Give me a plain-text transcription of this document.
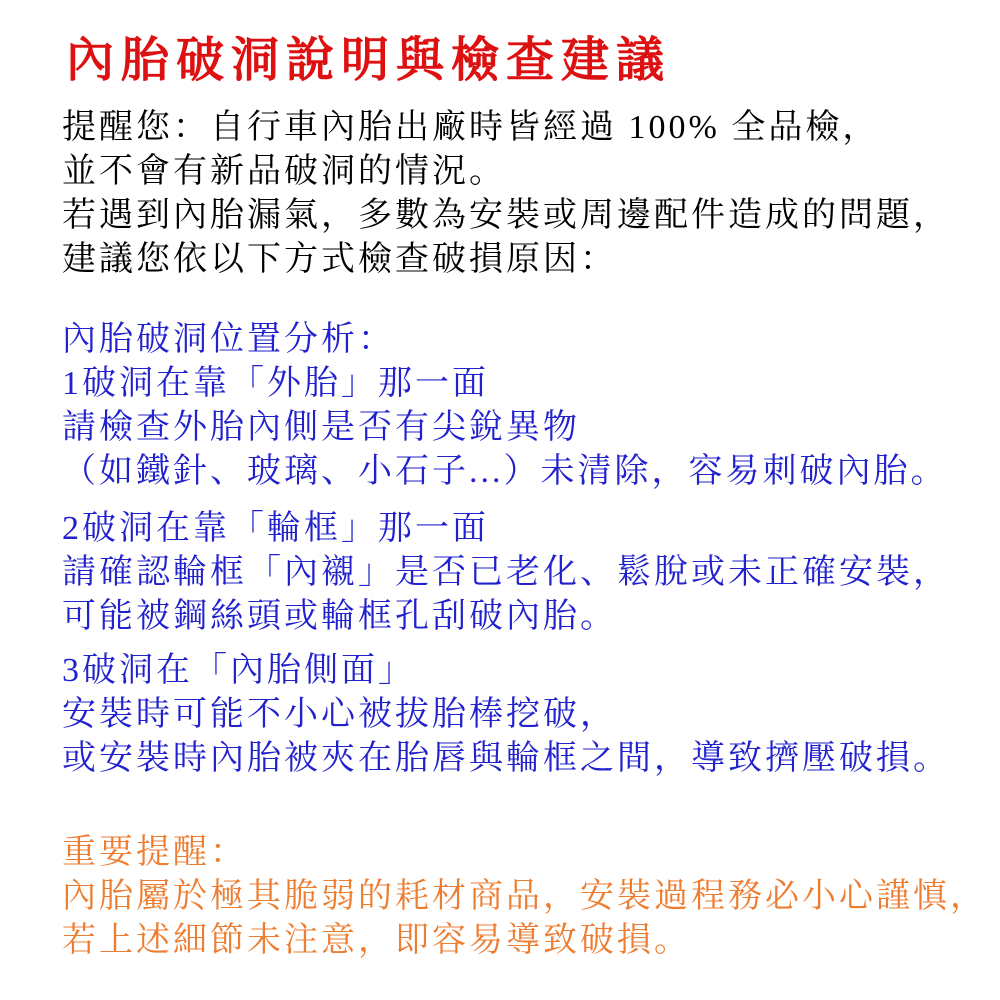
內胎破洞說明與檢查建議

提醒您：自行車內胎出廠時皆經過 100% 全品檢，
並不會有新品破洞的情況。
若遇到內胎漏氣，多數為安裝或周邊配件造成的問題，
建議您依以下方式檢查破損原因：

內胎破洞位置分析：
1破洞在靠「外胎」那一面
請檢查外胎內側是否有尖銳異物
（如鐵針、玻璃、小石子...）未清除，容易刺破內胎。

2破洞在靠「輪框」那一面
請確認輪框「內襯」是否已老化、鬆脫或未正確安裝，
可能被鋼絲頭或輪框孔刮破內胎。

3破洞在「內胎側面」
安裝時可能不小心被拔胎棒挖破，
或安裝時內胎被夾在胎唇與輪框之間，導致擠壓破損。

重要提醒：
內胎屬於極其脆弱的耗材商品，安裝過程務必小心謹慎，
若上述細節未注意，即容易導致破損。
